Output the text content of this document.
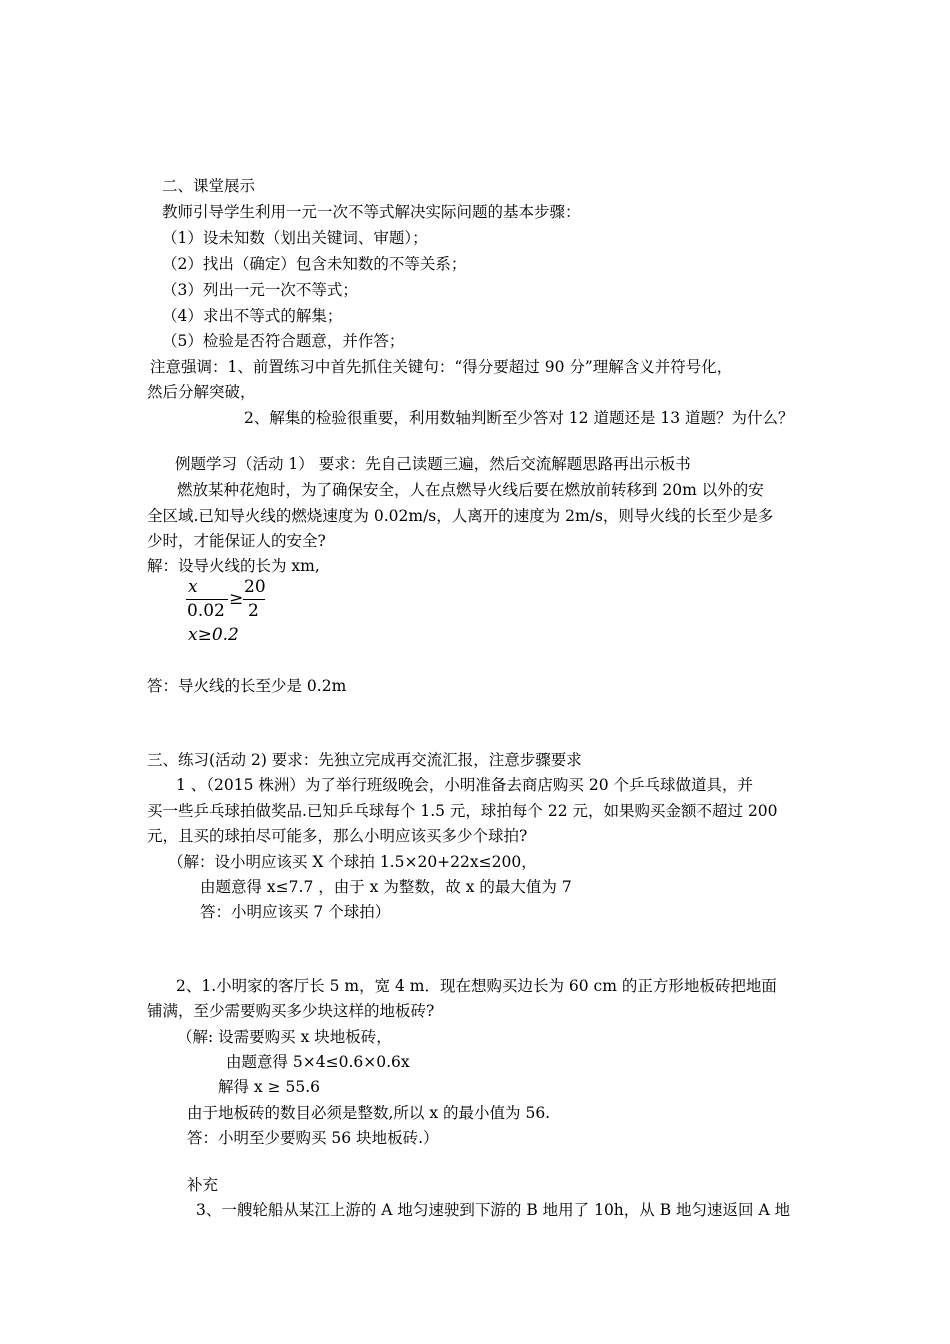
二、课堂展示
教师引导学生利用一元一次不等式解决实际问题的基本步骤：
（1）设未知数（划出关键词、审题）；
（2）找出（确定）包含未知数的不等关系；
（3）列出一元一次不等式；
（4）求出不等式的解集；
（5）检验是否符合题意，并作答；
注意强调：1、前置练习中首先抓住关键句：“得分要超过 90 分”理解含义并符号化，
然后分解突破，
2、解集的检验很重要，利用数轴判断至少答对 12 道题还是 13 道题？为什么？
例题学习（活动 1） 要求：先自己读题三遍，然后交流解题思路再出示板书
燃放某种花炮时，为了确保安全，人在点燃导火线后要在燃放前转移到 20m 以外的安
全区域.已知导火线的燃烧速度为 0.02m/s，人离开的速度为 2m/s，则导火线的长至少是多
少时，才能保证人的安全?
解：设导火线的长为 xm,
x
0.02
≥
20
2
x≥0.2
答：导火线的长至少是 0.2m
三、练习(活动 2) 要求：先独立完成再交流汇报，注意步骤要求
1 、（2015 株洲）为了举行班级晚会，小明准备去商店购买 20 个乒乓球做道具，并
买一些乒乓球拍做奖品.已知乒乓球每个 1.5 元，球拍每个 22 元，如果购买金额不超过 200
元，且买的球拍尽可能多，那么小明应该买多少个球拍?
（解：设小明应该买 X 个球拍 1.5×20+22x≤200，
由题意得 x≤7.7 ，由于 x 为整数，故 x 的最大值为 7
答：小明应该买 7 个球拍）
2、1.小明家的客厅长 5 m，宽 4 m．现在想购买边长为 60 cm 的正方形地板砖把地面
铺满，至少需要购买多少块这样的地板砖?
（解: 设需要购买 x 块地板砖，
由题意得 5×4≤0.6×0.6x
解得 x ≥ 55.6
由于地板砖的数目必须是整数,所以 x 的最小值为 56.
答：小明至少要购买 56 块地板砖.）
补充
3、一艘轮船从某江上游的 A 地匀速驶到下游的 B 地用了 10h，从 B 地匀速返回 A 地
